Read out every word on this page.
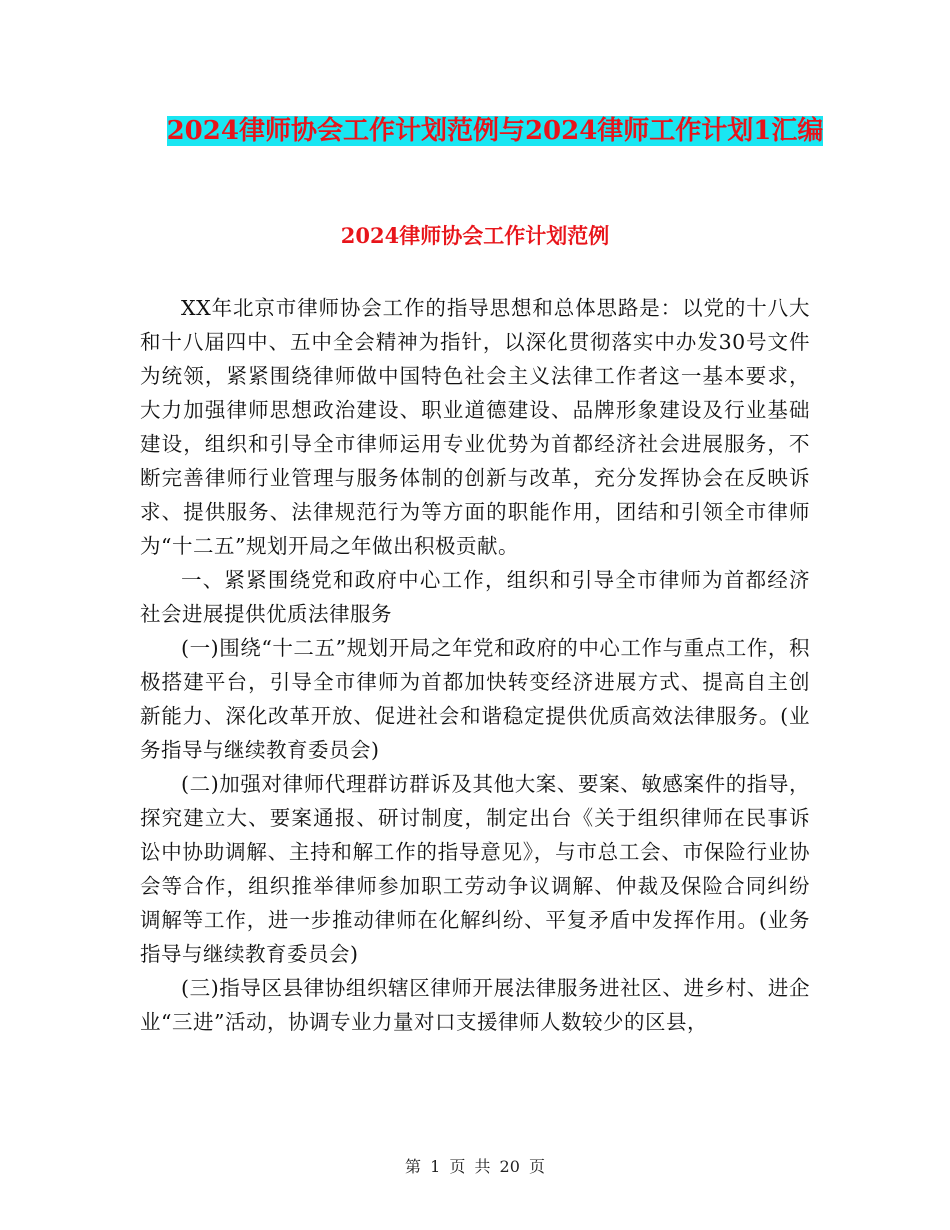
2024律师协会工作计划范例与2024律师工作计划1汇编
2024律师协会工作计划范例

XX年北京市律师协会工作的指导思想和总体思路是：以党的十八大和十八届四中、五中全会精神为指针，以深化贯彻落实中办发30号文件为统领，紧紧围绕律师做中国特色社会主义法律工作者这一基本要求，大力加强律师思想政治建设、职业道德建设、品牌形象建设及行业基础建设，组织和引导全市律师运用专业优势为首都经济社会进展服务，不断完善律师行业管理与服务体制的创新与改革，充分发挥协会在反映诉求、提供服务、法律规范行为等方面的职能作用，团结和引领全市律师为“十二五”规划开局之年做出积极贡献。

一、紧紧围绕党和政府中心工作，组织和引导全市律师为首都经济社会进展提供优质法律服务

(一)围绕“十二五”规划开局之年党和政府的中心工作与重点工作，积极搭建平台，引导全市律师为首都加快转变经济进展方式、提高自主创新能力、深化改革开放、促进社会和谐稳定提供优质高效法律服务。(业务指导与继续教育委员会)

(二)加强对律师代理群访群诉及其他大案、要案、敏感案件的指导，探究建立大、要案通报、研讨制度，制定出台《关于组织律师在民事诉讼中协助调解、主持和解工作的指导意见》，与市总工会、市保险行业协会等合作，组织推举律师参加职工劳动争议调解、仲裁及保险合同纠纷调解等工作，进一步推动律师在化解纠纷、平复矛盾中发挥作用。(业务指导与继续教育委员会)

(三)指导区县律协组织辖区律师开展法律服务进社区、进乡村、进企业“三进”活动，协调专业力量对口支援律师人数较少的区县，

第 1 页 共 20 页
